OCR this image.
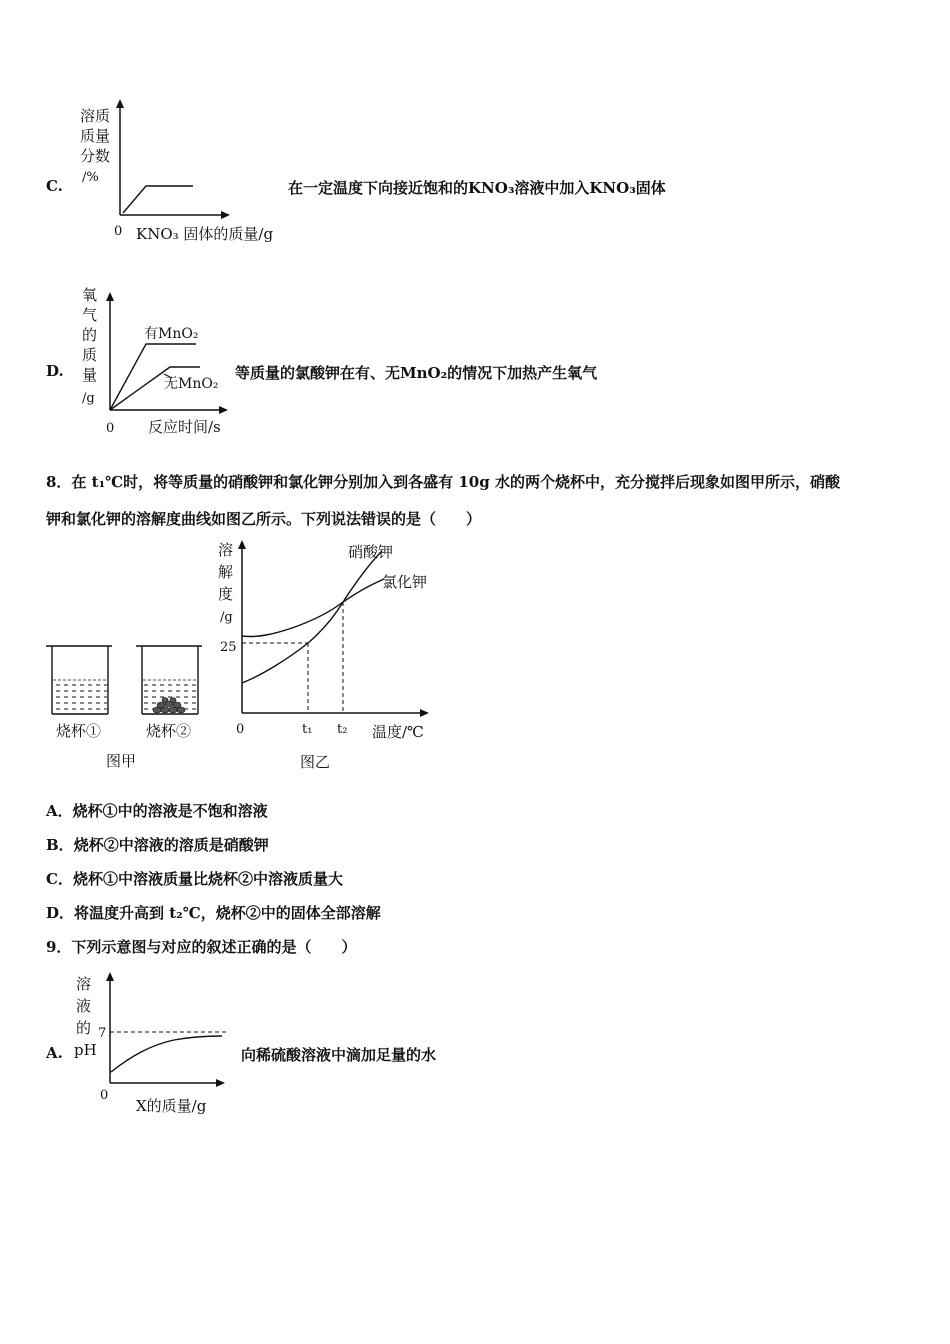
C.
溶质
质量
分数
/%
0 KNO₃ 固体的质量/g
在一定温度下向接近饱和的KNO₃溶液中加入KNO₃固体
D.
氧
气
的
质
量
/g
有MnO₂
无MnO₂
0 反应时间/s
等质量的氯酸钾在有、无MnO₂的情况下加热产生氧气
8．在 t₁℃时，将等质量的硝酸钾和氯化钾分别加入到各盛有 10g 水的两个烧杯中，充分搅拌后现象如图甲所示，硝酸
钾和氯化钾的溶解度曲线如图乙所示。下列说法错误的是（　　）
烧杯①	烧杯②
图甲
溶
解
度
/g
25
t₁ t₂
0	温度/℃
硝酸钾
氯化钾
图乙
A．烧杯①中的溶液是不饱和溶液
B．烧杯②中溶液的溶质是硝酸钾
C．烧杯①中溶液质量比烧杯②中溶液质量大
D．将温度升高到 t₂℃，烧杯②中的固体全部溶解
9．下列示意图与对应的叙述正确的是（　　）
A.
溶
液
的
pH
7
0
X的质量/g
向稀硫酸溶液中滴加足量的水
